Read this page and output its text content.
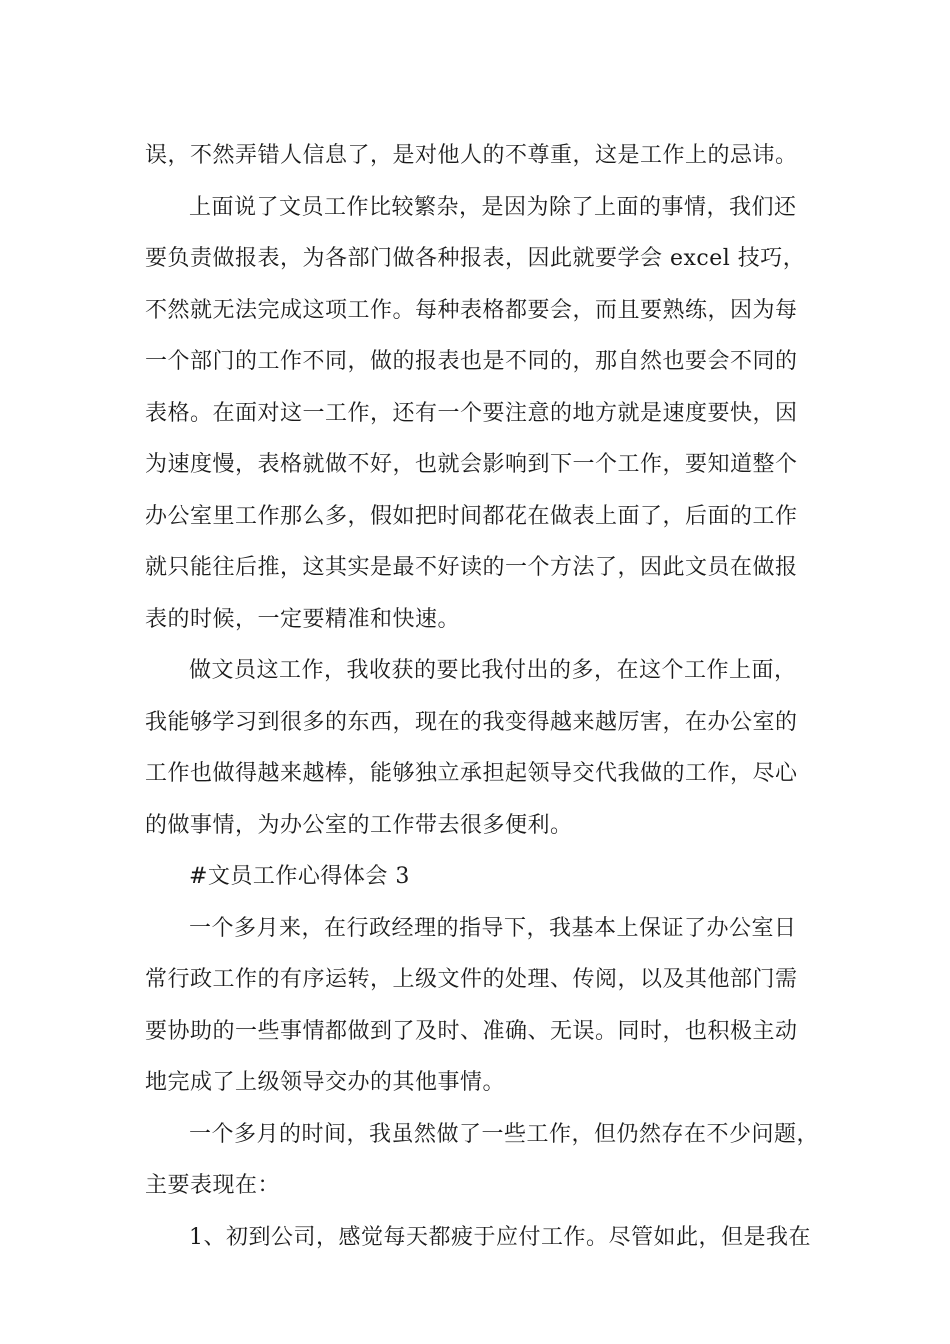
误，不然弄错人信息了，是对他人的不尊重，这是工作上的忌讳。
上面说了文员工作比较繁杂，是因为除了上面的事情，我们还
要负责做报表，为各部门做各种报表，因此就要学会 excel 技巧，
不然就无法完成这项工作。每种表格都要会，而且要熟练，因为每
一个部门的工作不同，做的报表也是不同的，那自然也要会不同的
表格。在面对这一工作，还有一个要注意的地方就是速度要快，因
为速度慢，表格就做不好，也就会影响到下一个工作，要知道整个
办公室里工作那么多，假如把时间都花在做表上面了，后面的工作
就只能往后推，这其实是最不好读的一个方法了，因此文员在做报
表的时候，一定要精准和快速。
做文员这工作，我收获的要比我付出的多，在这个工作上面，
我能够学习到很多的东西，现在的我变得越来越厉害，在办公室的
工作也做得越来越棒，能够独立承担起领导交代我做的工作，尽心
的做事情，为办公室的工作带去很多便利。
#文员工作心得体会 3
一个多月来，在行政经理的指导下，我基本上保证了办公室日
常行政工作的有序运转，上级文件的处理、传阅，以及其他部门需
要协助的一些事情都做到了及时、准确、无误。同时，也积极主动
地完成了上级领导交办的其他事情。
一个多月的时间，我虽然做了一些工作，但仍然存在不少问题，
主要表现在：
1、初到公司，感觉每天都疲于应付工作。尽管如此，但是我在
